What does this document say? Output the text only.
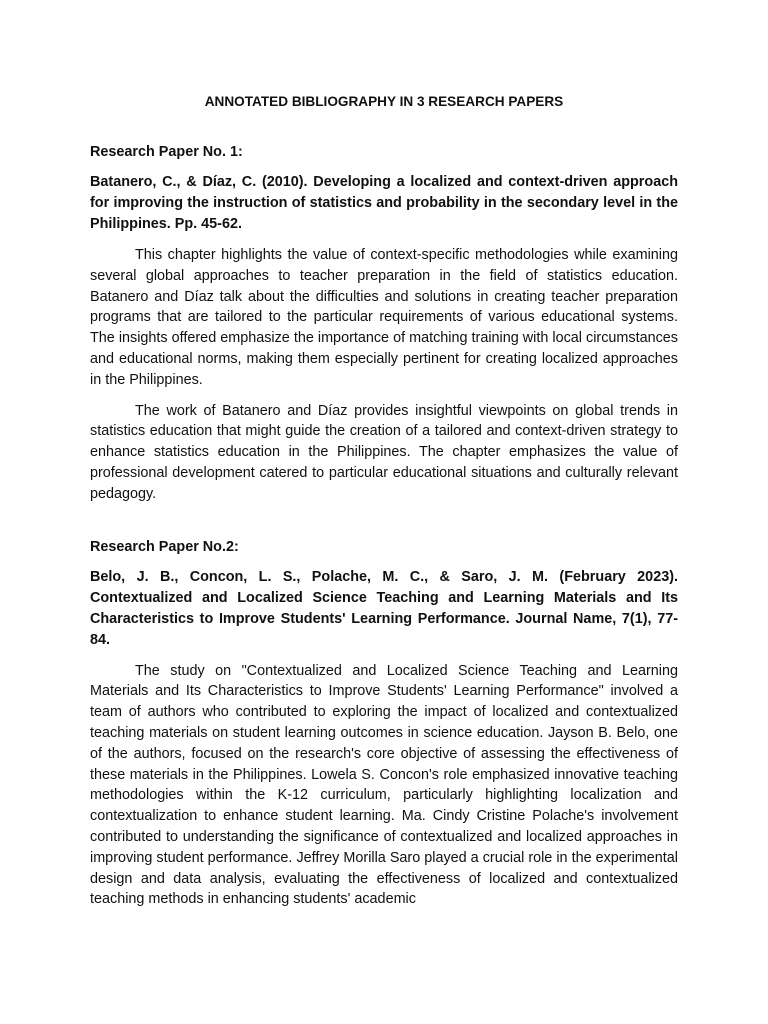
ANNOTATED BIBLIOGRAPHY IN 3 RESEARCH PAPERS
Research Paper No. 1:
Batanero, C., & Díaz, C. (2010). Developing a localized and context-driven approach for improving the instruction of statistics and probability in the secondary level in the Philippines. Pp. 45-62.

This chapter highlights the value of context-specific methodologies while examining several global approaches to teacher preparation in the field of statistics education. Batanero and Díaz talk about the difficulties and solutions in creating teacher preparation programs that are tailored to the particular requirements of various educational systems. The insights offered emphasize the importance of matching training with local circumstances and educational norms, making them especially pertinent for creating localized approaches in the Philippines.

The work of Batanero and Díaz provides insightful viewpoints on global trends in statistics education that might guide the creation of a tailored and context-driven strategy to enhance statistics education in the Philippines. The chapter emphasizes the value of professional development catered to particular educational situations and culturally relevant pedagogy.

Research Paper No.2:
Belo, J. B., Concon, L. S., Polache, M. C., & Saro, J. M. (February 2023). Contextualized and Localized Science Teaching and Learning Materials and Its Characteristics to Improve Students' Learning Performance. Journal Name, 7(1), 77-84.

The study on "Contextualized and Localized Science Teaching and Learning Materials and Its Characteristics to Improve Students' Learning Performance" involved a team of authors who contributed to exploring the impact of localized and contextualized teaching materials on student learning outcomes in science education. Jayson B. Belo, one of the authors, focused on the research's core objective of assessing the effectiveness of these materials in the Philippines. Lowela S. Concon's role emphasized innovative teaching methodologies within the K-12 curriculum, particularly highlighting localization and contextualization to enhance student learning. Ma. Cindy Cristine Polache's involvement contributed to understanding the significance of contextualized and localized approaches in improving student performance. Jeffrey Morilla Saro played a crucial role in the experimental design and data analysis, evaluating the effectiveness of localized and contextualized teaching methods in enhancing students' academic
